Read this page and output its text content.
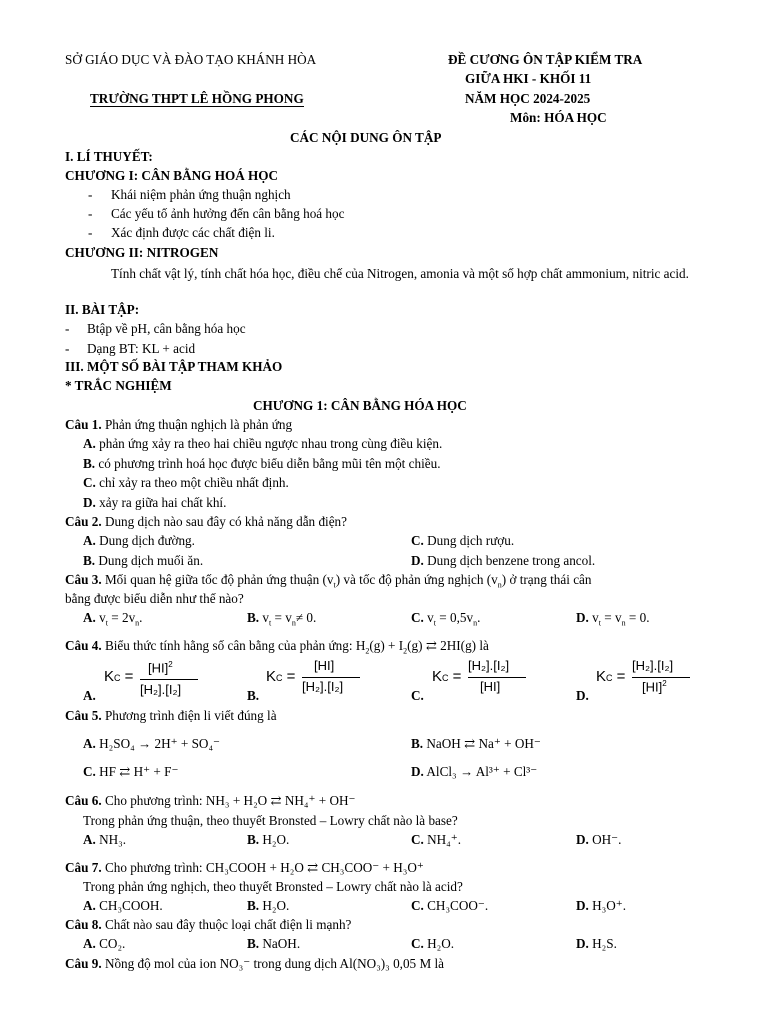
SỞ GIÁO DỤC VÀ ĐÀO TẠO KHÁNH HÒA	ĐỀ CƯƠNG ÔN TẬP KIỂM TRA
GIỮA HKI - KHỐI 11
TRƯỜNG THPT LÊ HỒNG PHONG	NĂM HỌC 2024-2025
Môn: HÓA HỌC
CÁC NỘI DUNG ÔN TẬP
I. LÍ THUYẾT:
CHƯƠNG I: CÂN BẰNG HOÁ HỌC
- Khái niệm phản ứng thuận nghịch
- Các yếu tố ảnh hưởng đến cân bằng hoá học
- Xác định được các chất điện li.
CHƯƠNG II: NITROGEN
Tính chất vật lý, tính chất hóa học, điều chế của Nitrogen, amonia và một số hợp chất ammonium, nitric acid.
II. BÀI TẬP:
- Btập về pH, cân bằng hóa học
- Dạng BT: KL + acid
III. MỘT SỐ BÀI TẬP THAM KHẢO
* TRẮC NGHIỆM
CHƯƠNG 1: CÂN BẰNG HÓA HỌC
Câu 1. Phản ứng thuận nghịch là phản ứng
A. phản ứng xảy ra theo hai chiều ngược nhau trong cùng điều kiện.
B. có phương trình hoá học được biểu diễn bằng mũi tên một chiều.
C. chỉ xảy ra theo một chiều nhất định.
D. xảy ra giữa hai chất khí.
Câu 2. Dung dịch nào sau đây có khả năng dẫn điện?
A. Dung dịch đường.	C. Dung dịch rượu.
B. Dung dịch muối ăn.	D. Dung dịch benzene trong ancol.
Câu 3. Mối quan hệ giữa tốc độ phản ứng thuận $(v_t)$ và tốc độ phản ứng nghịch $(v_n)$ ở trạng thái cân
bằng được biểu diễn như thế nào?
A. $v_t = 2v_n$.	B. $v_t = v_n\ne 0$.	C. $v_t = 0,5v_n$.	D. $v_t = v_n = 0$.
Câu 4. Biểu thức tính hằng số cân bằng của phản ứng: $H_2(g) + I_2(g)$ ⇄ 2HI(g) là
A.
KC =
[HI]$^2$
[H₂].[I₂]	B.
KC =
[HI]
[H₂].[I₂]
C.
KC =
[H₂].[I₂]
[HI]
D.
KC =
[H₂].[I₂]
[HI]$^2$
Câu 5. Phương trình điện li viết đúng là
A. H₂SO₄ → 2H⁺ + SO₄⁻	B. NaOH ⇄ Na⁺ + OH⁻
C. HF ⇄ H⁺ + F⁻	D. AlCl₃ → Al³⁺ + Cl³⁻
Câu 6. Cho phương trình: NH₃ + H₂O ⇄ NH₄⁺ + OH⁻
Trong phản ứng thuận, theo thuyết Bronsted – Lowry chất nào là base?
A. NH₃.	B. H₂O.	C. NH₄⁺.	D. OH⁻.
Câu 7. Cho phương trình: CH₃COOH + H₂O ⇄ CH₃COO⁻ + H₃O⁺
Trong phản ứng nghịch, theo thuyết Bronsted – Lowry chất nào là acid?
A. CH₃COOH.	B. H₂O.	C. CH₃COO⁻.	D. H₃O⁺.
Câu 8. Chất nào sau đây thuộc loại chất điện li mạnh?
A. CO₂.	B. NaOH.	C. H₂O.	D. H₂S.
Câu 9. Nồng độ mol của ion NO₃⁻ trong dung dịch Al(NO₃)₃ 0,05 M là
